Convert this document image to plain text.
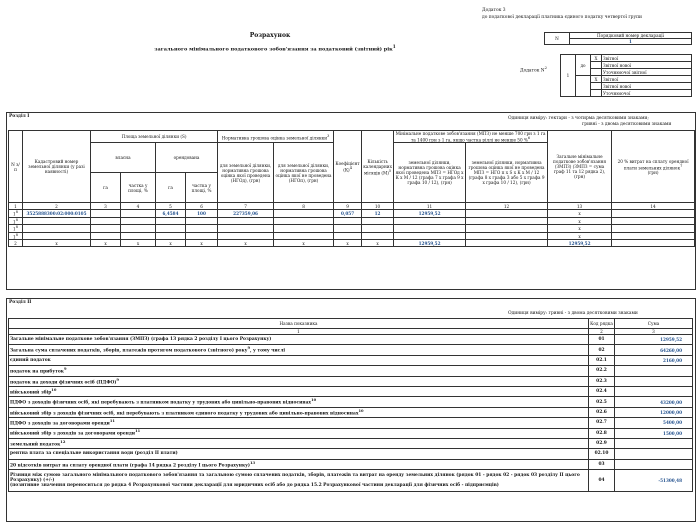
Додаток 3
до податкової декларації платника єдиного податку четвертої групи
Розрахунок
загального мінімального податкового зобов'язання за податковий (звітний) рік$^1$
N	Порядковий номер декларації
1
Додаток $N^2$
1	до	X	Звітної
			Звітної нової
			Уточнюючої звітної
		X	Звітної
			Звітної нової
			Уточнюючої
Розділ I	Одиниця виміру: гектари - з чотирма десятковими знаками;
гривні - з двома десятковими знаками
N з/п	Кадастровий номер земельної ділянки (у разі наявності)	Площа земельної ділянки (S)				Нормативна грошова оцінка земельної ділянки$^3$		Коефіцієнт $(К)^4$	Кількість календарних місяців $(М)^5$	Мінімальне податкове зобов'язання (МПЗ) не менше 700 грн з 1 га та 1400 грн з 1 га, якщо частка ріллі не менше 50 %$^6$		Загальне мінімальне податкове зобов'язання (ЗМПЗ) (ЗМПЗ = сума граф 11 та 12 рядка 2), (грн)	20 % витрат на сплату орендної плати земельних ділянок$^7$
(грн)
		власна		орендована		для земельної ділянки, нормативна грошова оцінка якої проведена (НГОд), (грн)	для земельної ділянки, нормативна грошова оцінка якої не проведена (НГОп), (грн)			земельної ділянки, нормативна грошова оцінка якої проведена МПЗ = НГОд х К х М / 12 (графа 7 х графа 9 х графа 10 / 12), (грн)	земельної ділянки, нормативна грошова оцінка якої не проведена МПЗ = НГО п х S х К х М / 12 (графа 8 х графа 3 або 5 х графа 9 х графа 10 / 12), (грн)		
		га	частка у площі, %	га	частка у площі, %								
1	2	3	4	5	6	7	8	9	10	11	12	13	14
$1^8$	3525888300:02:000:0105			6,4584	100	227359,06		0,057	12	12959,52		x	
$1^8$												x	
$1^8$												x	
$1^8$												x	
2	x	x	x	x	x	x	x	x	x	12959,52		12959,52	
Розділ II
Одиниця виміру: гривні - з двома десятковими знаками
Назва показника	Код рядка	Сума
1	2	3
Загальне мінімальне податкове зобов'язання (ЗМПЗ) (графа 13 рядка 2 розділу I цього Розрахунку)	01	12959,52
Загальна сума сплачених податків, зборів, платежів протягом податкового (звітного) року$^9$, у тому числі	02	64260,00
єдиний податок	02.1	2160,00
податок на прибуток$^9$	02.2	
податок на доходи фізичних осіб (ПДФО)$^9$	02.3	
військовий збір$^{10}$	02.4	
ПДФО з доходів фізичних осіб, які перебувають з платником податку у трудових або цивільно-правових відносинах$^{10}$	02.5	43200,00
військовий збір з доходів фізичних осіб, які перебувають з платником єдиного податку у трудових або цивільно-правових відносинах$^{10}$	02.6	12000,00
ПДФО з доходів за договорами оренди$^{11}$	02.7	5400,00
військовий збір з доходів за договорами оренди$^{11}$	02.8	1500,00
земельний податок$^{12}$	02.9	
рентна плата за спеціальне використання води (розділ II плати)	02.10	
20 відсотків витрат на сплату орендної плати (графа 14 рядка 2 розділу I цього Розрахунку)$^{13}$	03	
Різниця між сумою загального мінімального податкового зобов'язання та загальною сумою сплачених податків, зборів, платежів та витрат на оренду земельних ділянок (рядок 01 - рядок 02 - рядок 03 розділу II цього Розрахунку) (+/-)
(позитивне значення переноситься до рядка 4 Розрахункової частини декларації для юридичних осіб або до рядка 15.2 Розрахункової частини декларації для фізичних осіб - підприємців)	04	-51300,48
